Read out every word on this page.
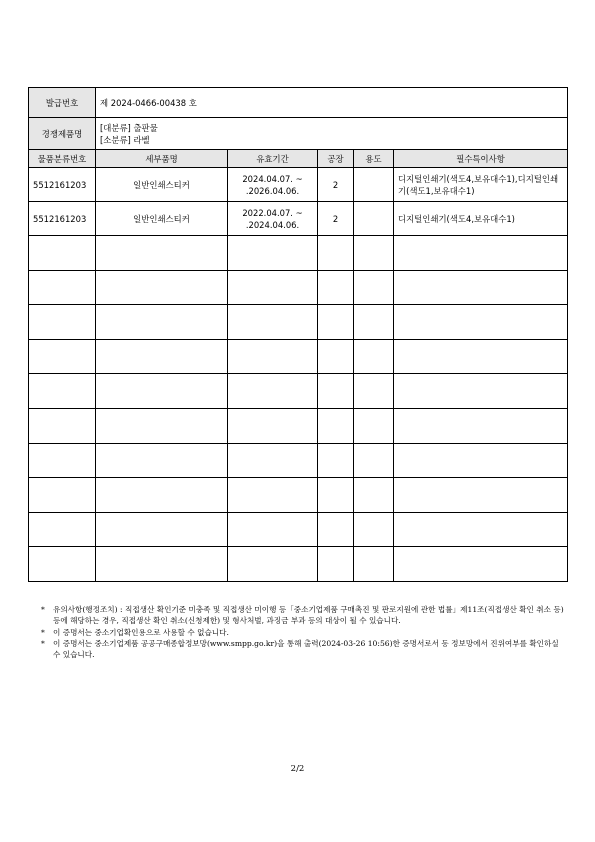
발급번호	제 2024-0466-00438 호				
경쟁제품명	[대분류] 출판물
[소분류] 라벨				

물품분류번호	세부품명	유효기간	공장	용도	필수특이사항
5512161203	일반인쇄스티커	2024.04.07. ~
.2026.04.06.	2		디지털인쇄기(색도4,보유대수1),디지털인쇄기(색도1,보유대수1)
5512161203	일반인쇄스티커	2022.04.07. ~
.2024.04.06.	2		디지털인쇄기(색도4,보유대수1)

*	유의사항(행정조치) : 직접생산 확인기준 미충족 및 직접생산 미이행 등「중소기업제품 구매촉진 및 판로지원에 관한 법률」제11조(직접생산 확인 취소 등) 등에 해당하는 경우, 직접생산 확인 취소(신청제한) 및 형사처벌, 과징금 부과 등의 대상이 될 수 있습니다.
*	이 증명서는 중소기업확인용으로 사용할 수 없습니다.
*	이 증명서는 중소기업제품 공공구매종합정보망(www.smpp.go.kr)을 통해 출력(2024-03-26 10:56)한 증명서로서 동 정보망에서 진위여부를 확인하실 수 있습니다.
2/2
